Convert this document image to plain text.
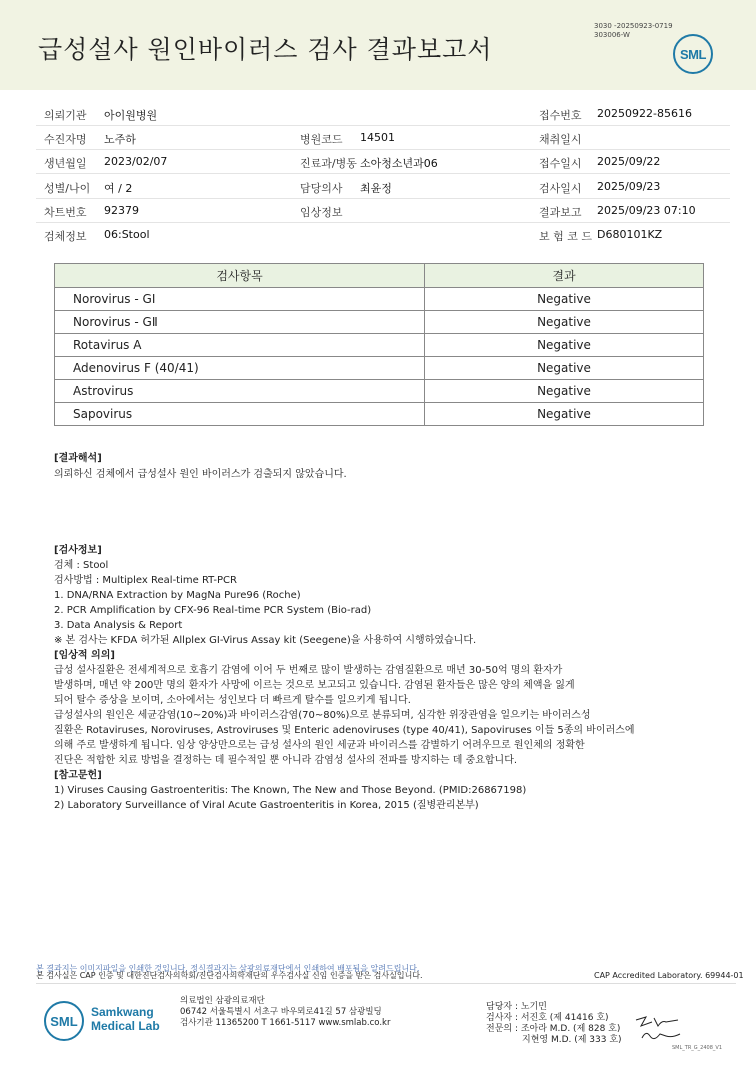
급성설사 원인바이러스 검사 결과보고서
3030 -20250923-0719
303006-W
SML
의뢰기관 아이원병원	접수번호 20250922-85616
수진자명 노주하	병원코드 14501	채취일시
생년월일 2023/02/07	진료과/병동 소아청소년과06	접수일시 2025/09/22
성별/나이 여 / 2	담당의사 최윤정	검사일시 2025/09/23
차트번호 92379	임상정보	결과보고 2025/09/23 07:10
검체정보 06:Stool	보 험 코 드 D680101KZ
검사항목	결과
Norovirus - GⅠ	Negative
Norovirus - GⅡ	Negative
Rotavirus A	Negative
Adenovirus F (40/41)	Negative
Astrovirus	Negative
Sapovirus	Negative
[결과해석]
의뢰하신 검체에서 급성설사 원인 바이러스가 검출되지 않았습니다.
[검사정보]
검체 : Stool
검사방법 : Multiplex Real-time RT-PCR
1. DNA/RNA Extraction by MagNa Pure96 (Roche)
2. PCR Amplification by CFX-96 Real-time PCR System (Bio-rad)
3. Data Analysis & Report
※ 본 검사는 KFDA 허가된 Allplex GI-Virus Assay kit (Seegene)을 사용하여 시행하였습니다.
[임상적 의의]
급성 설사질환은 전세계적으로 호흡기 감염에 이어 두 번째로 많이 발생하는 감염질환으로 매년 30-50억 명의 환자가
발생하며, 매년 약 200만 명의 환자가 사망에 이르는 것으로 보고되고 있습니다. 감염된 환자들은 많은 양의 체액을 잃게
되어 탈수 증상을 보이며, 소아에서는 성인보다 더 빠르게 탈수를 일으키게 됩니다.
급성설사의 원인은 세균감염(10~20%)과 바이러스감염(70~80%)으로 분류되며, 심각한 위장관염을 일으키는 바이러스성
질환은 Rotaviruses, Noroviruses, Astroviruses 및 Enteric adenoviruses (type 40/41), Sapoviruses 이들 5종의 바이러스에
의해 주로 발생하게 됩니다. 임상 양상만으로는 급성 설사의 원인 세균과 바이러스를 감별하기 어려우므로 원인체의 정확한
진단은 적합한 치료 방법을 결정하는 데 필수적일 뿐 아니라 감염성 설사의 전파를 방지하는 데 중요합니다.
[참고문헌]
1) Viruses Causing Gastroenteritis: The Known, The New and Those Beyond. (PMID:26867198)
2) Laboratory Surveillance of Viral Acute Gastroenteritis in Korea, 2015 (질병관리본부)
본 결과지는 이미지파일을 인쇄한 것입니다. 정식결과지는 삼광의료재단에서 인쇄하여 배포됨을 알려드립니다.
본 검사실은 CAP 인증 및 대한진단검사의학회/진단검사의학재단의 우수검사실 신임 인증을 받은 검사실입니다.	CAP Accredited Laboratory. 69944-01
SML
Samkwang
Medical Lab
의료법인 삼광의료재단
06742 서울특별시 서초구 바우뫼로41길 57 삼광빌딩
검사기관 11365200 T 1661-5117 www.smlab.co.kr
담당자 : 노기민
검사자 : 서진호 (제 41416 호)
전문의 : 조아라 M.D. (제 828 호)
지현영 M.D. (제 333 호)
SML_TR_G_2408_V1
